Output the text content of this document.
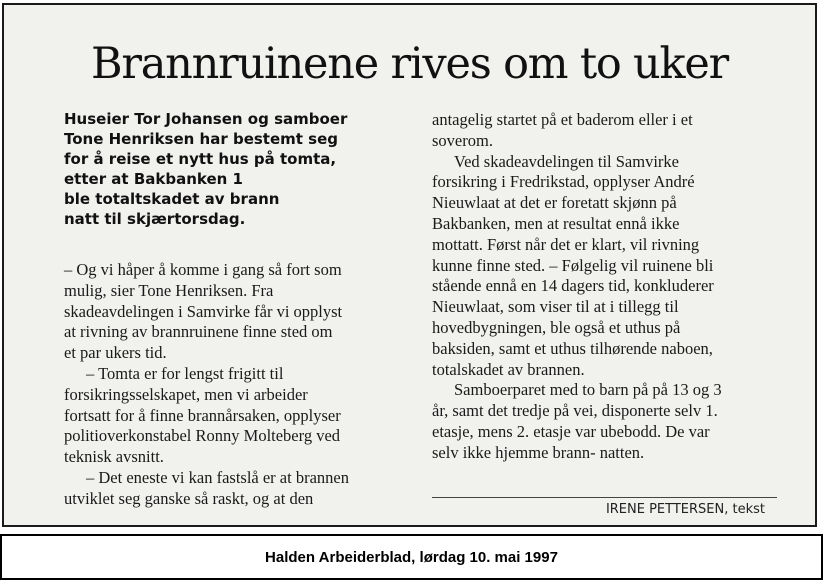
Brannruinene rives om to uker
Huseier Tor Johansen og samboer
Tone Henriksen har bestemt seg
for å reise et nytt hus på tomta,
etter at Bakbanken 1
ble totaltskadet av brann
natt til skjærtorsdag.

– Og vi håper å komme i gang så fort som

mulig, sier Tone Henriksen. Fra

skadeavdelingen i Samvirke får vi opplyst

at rivning av brannruinene finne sted om

et par ukers tid.

– Tomta er for lengst frigitt til

forsikringsselskapet, men vi arbeider

fortsatt for å finne brannårsaken, opplyser

politioverkonstabel Ronny Molteberg ved

teknisk avsnitt.

– Det eneste vi kan fastslå er at brannen

utviklet seg ganske så raskt, og at den

antagelig startet på et baderom eller i et

soverom.

Ved skadeavdelingen til Samvirke

forsikring i Fredrikstad, opplyser André

Nieuwlaat at det er foretatt skjønn på

Bakbanken, men at resultat ennå ikke

mottatt. Først når det er klart, vil rivning

kunne finne sted. – Følgelig vil ruinene bli

stående ennå en 14 dagers tid, konkluderer

Nieuwlaat, som viser til at i tillegg til

hovedbygningen, ble også et uthus på

baksiden, samt et uthus tilhørende naboen,

totalskadet av brannen.

Samboerparet med to barn på på 13 og 3

år, samt det tredje på vei, disponerte selv 1.

etasje, mens 2. etasje var ubebodd. De var

selv ikke hjemme brann- natten.

IRENE PETTERSEN, tekst
Halden Arbeiderblad, lørdag 10. mai 1997
